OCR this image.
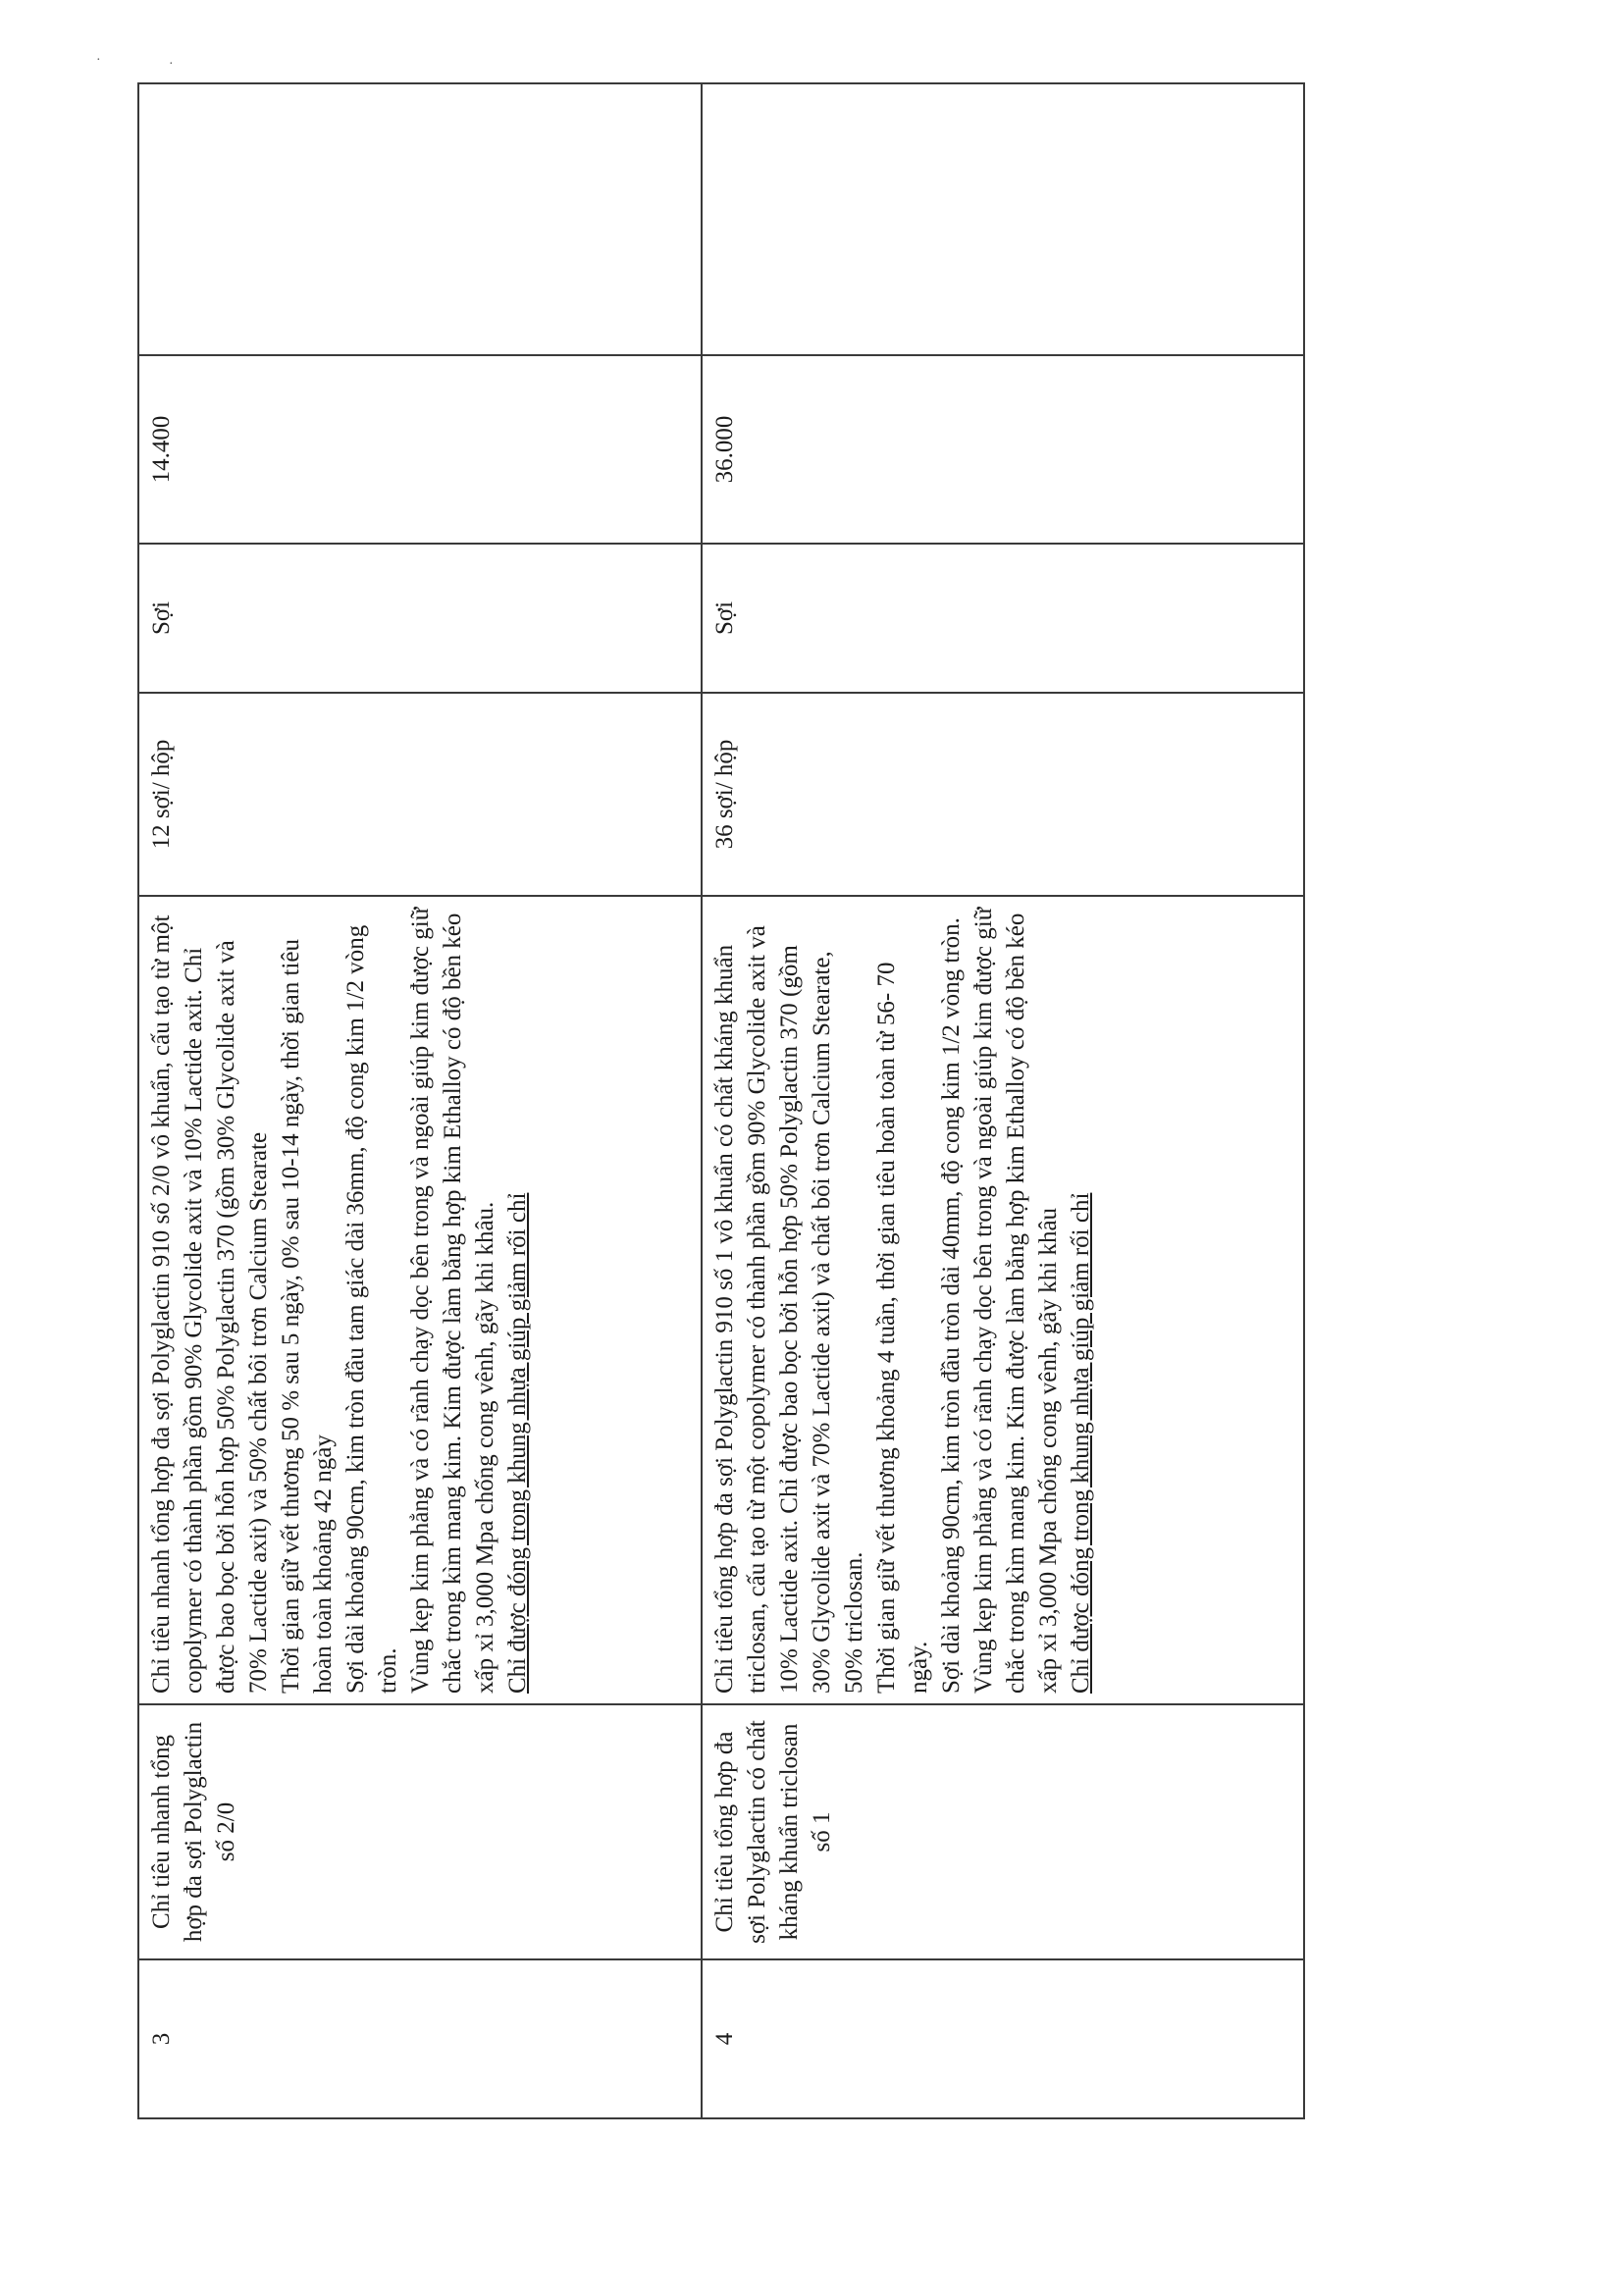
·	·
3	Chỉ tiêu nhanh tổng hợp đa sợi Polyglactin số 2/0	Chỉ tiêu nhanh tổng hợp đa sợi Polyglactin 910 số 2/0 vô khuẩn, cấu tạo từ một copolymer có thành phần gồm 90% Glycolide axit và 10% Lactide axit. Chỉ được bao bọc bởi hỗn hợp 50% Polyglactin 370 (gồm 30% Glycolide axit và 70% Lactide axit) và 50% chất bôi trơn Calcium Stearate Thời gian giữ vết thương 50 % sau 5 ngày, 0% sau 10-14 ngày, thời gian tiêu hoàn toàn khoảng 42 ngày Sợi dài khoảng 90cm, kim tròn đầu tam giác dài 36mm, độ cong kim 1/2 vòng tròn. Vùng kẹp kim phẳng và có rãnh chạy dọc bên trong và ngoài giúp kim được giữ chắc trong kìm mang kim. Kim được làm bằng hợp kim Ethalloy có độ bền kéo xấp xỉ 3,000 Mpa chống cong vênh, gãy khi khâu. Chỉ được đóng trong khung nhựa giúp giảm rối chỉ	12 sợi/ hộp	Sợi	14.400	
4	Chỉ tiêu tổng hợp đa sợi Polyglactin có chất kháng khuẩn triclosan số 1	Chỉ tiêu tổng hợp đa sợi Polyglactin 910 số 1 vô khuẩn có chất kháng khuẩn triclosan, cấu tạo từ một copolymer có thành phần gồm 90% Glycolide axit và 10% Lactide axit. Chỉ được bao bọc bởi hỗn hợp 50% Polyglactin 370 (gồm 30% Glycolide axit và 70% Lactide axit) và chất bôi trơn Calcium Stearate, 50% triclosan. Thời gian giữ vết thương khoảng 4 tuần, thời gian tiêu hoàn toàn từ 56- 70 ngày. Sợi dài khoảng 90cm, kim tròn đầu tròn dài 40mm, độ cong kim 1/2 vòng tròn. Vùng kẹp kim phẳng và có rãnh chạy dọc bên trong và ngoài giúp kim được giữ chắc trong kìm mang kim. Kim được làm bằng hợp kim Ethalloy có độ bền kéo xấp xỉ 3,000 Mpa chống cong vênh, gãy khi khâu Chỉ được đóng trong khung nhựa giúp giảm rối chỉ	36 sợi/ hộp	Sợi	36.000	
